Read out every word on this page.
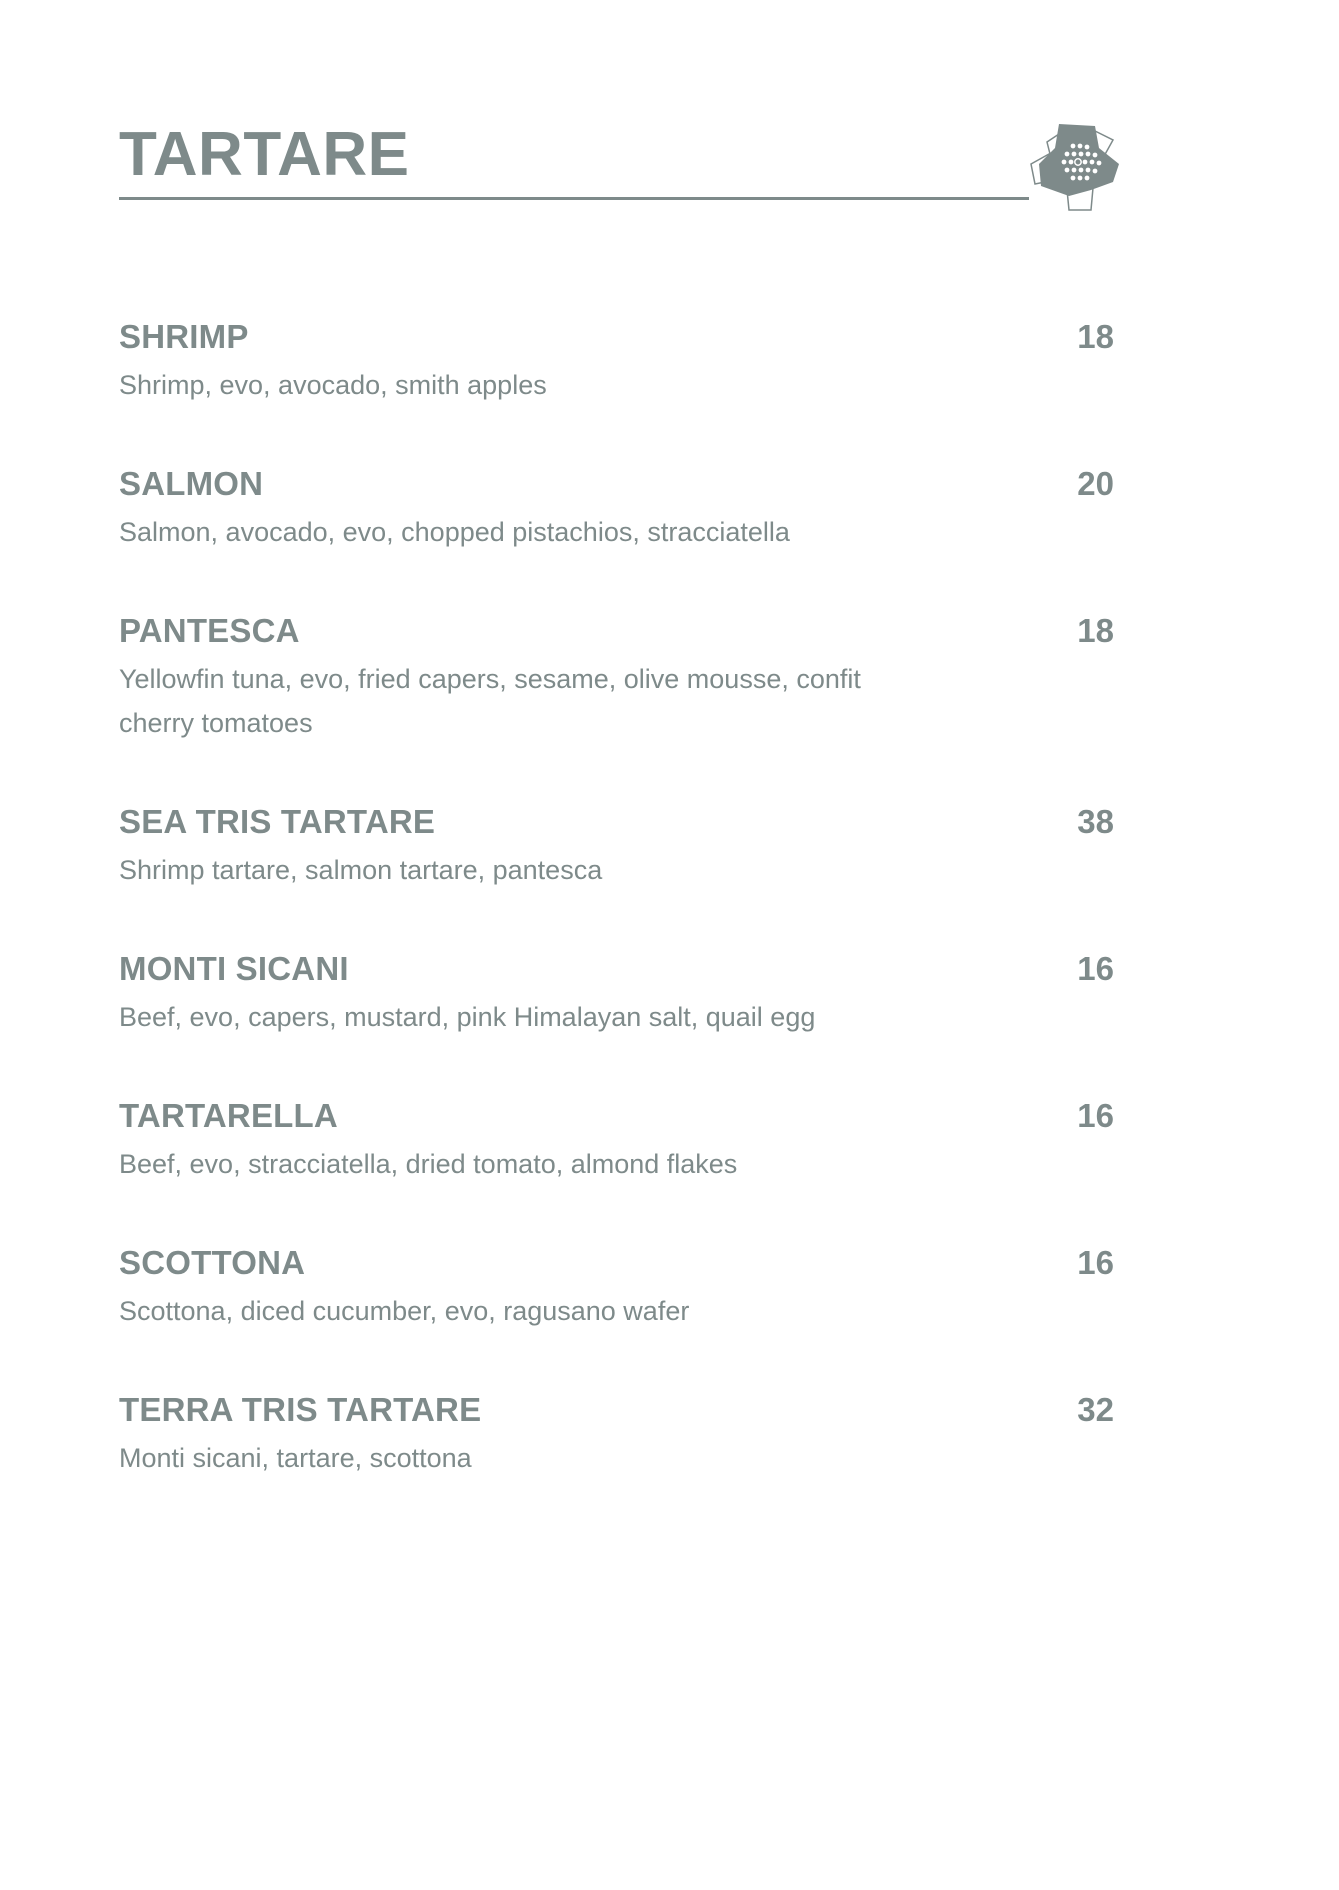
TARTARE
SHRIMP	18
Shrimp, evo, avocado, smith apples
SALMON	20
Salmon, avocado, evo, chopped pistachios, stracciatella
PANTESCA	18
Yellowfin tuna, evo, fried capers, sesame, olive mousse, confit cherry tomatoes
SEA TRIS TARTARE	38
Shrimp tartare, salmon tartare, pantesca
MONTI SICANI	16
Beef, evo, capers, mustard, pink Himalayan salt, quail egg
TARTARELLA	16
Beef, evo, stracciatella, dried tomato, almond flakes
SCOTTONA	16
Scottona, diced cucumber, evo, ragusano wafer
TERRA TRIS TARTARE	32
Monti sicani, tartare, scottona
